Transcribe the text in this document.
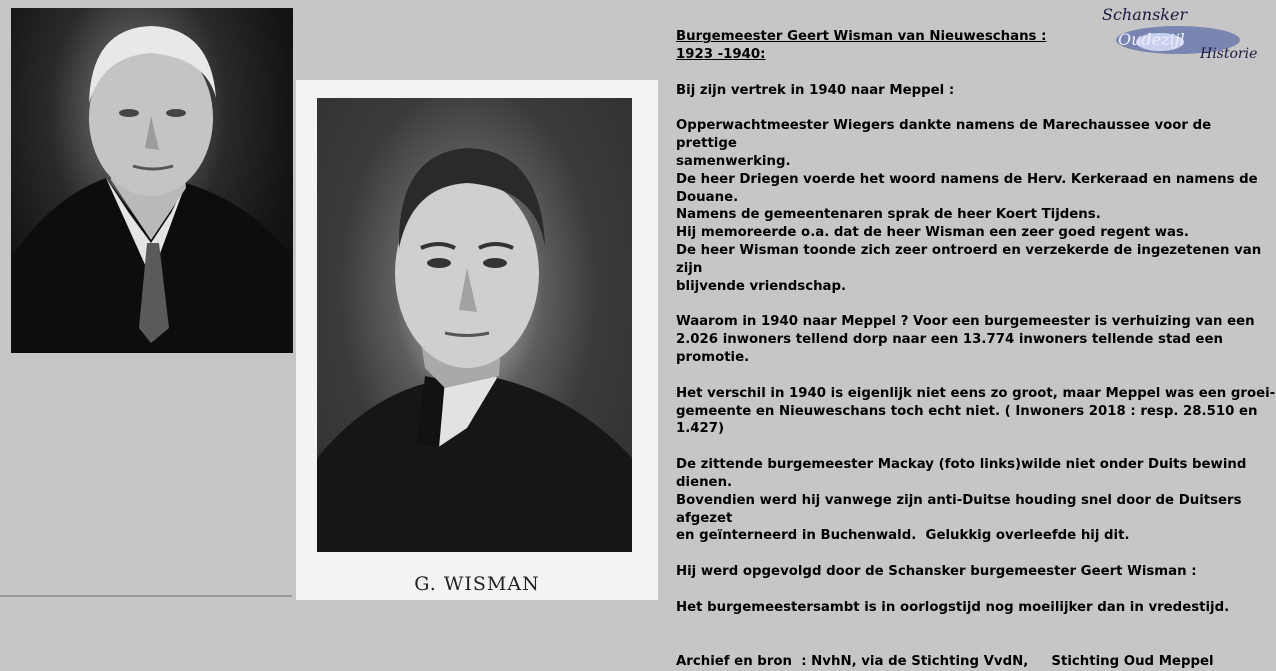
G. WISMAN
Schansker
Oudezijl
Historie

Burgemeester Geert Wisman van Nieuweschans :

1923 -1940:

Bij zijn vertrek in 1940 naar Meppel :

Opperwachtmeester Wiegers dankte namens de Marechaussee voor de prettige
samenwerking.
De heer Driegen voerde het woord namens de Herv. Kerkeraad en namens de
Douane.
Namens de gemeentenaren sprak de heer Koert Tijdens.
Hij memoreerde o.a. dat de heer Wisman een zeer goed regent was.
De heer Wisman toonde zich zeer ontroerd en verzekerde de ingezetenen van zijn
blijvende vriendschap.

Waarom in 1940 naar Meppel ? Voor een burgemeester is verhuizing van een
2.026 inwoners tellend dorp naar een 13.774 inwoners tellende stad een promotie.

Het verschil in 1940 is eigenlijk niet eens zo groot, maar Meppel was een groei-
gemeente en Nieuweschans toch echt niet. ( Inwoners 2018 : resp. 28.510 en 1.427)

De zittende burgemeester Mackay (foto links)wilde niet onder Duits bewind dienen.
Bovendien werd hij vanwege zijn anti-Duitse houding snel door de Duitsers afgezet
en geïnterneerd in Buchenwald.  Gelukkig overleefde hij dit.

Hij werd opgevolgd door de Schansker burgemeester Geert Wisman :

Het burgemeestersambt is in oorlogstijd nog moeilijker dan in vredestijd.

Archief en bron  : NvhN, via de Stichting VvdN,     Stichting Oud Meppel
